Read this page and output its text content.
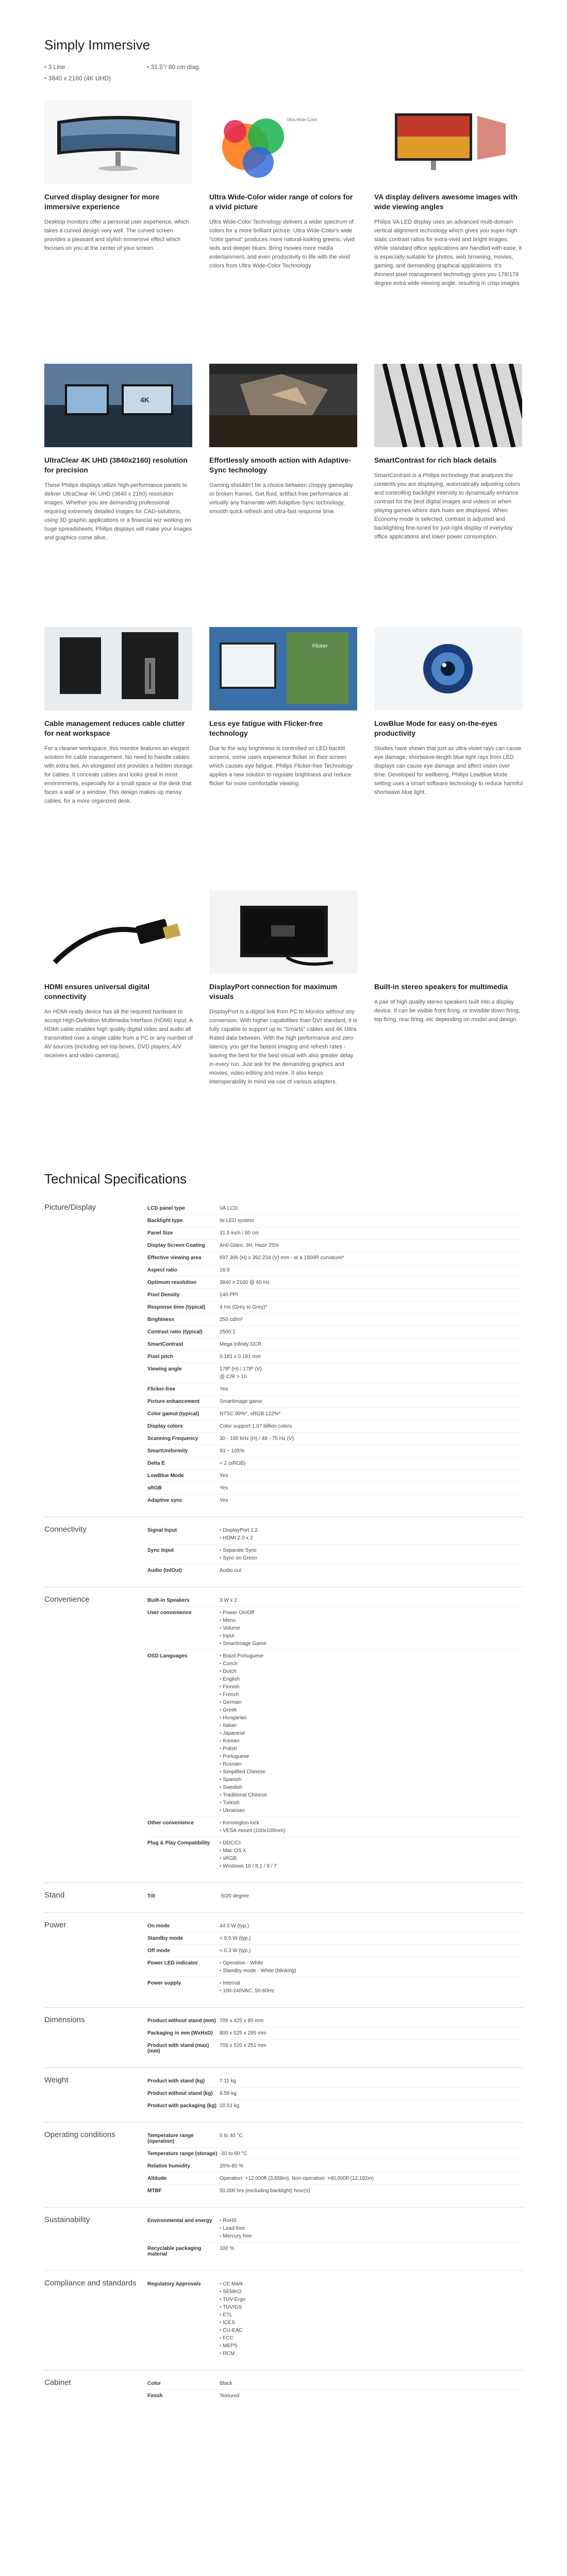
Simply Immersive
• 3 Line
• 3840 x 2160 (4K UHD)
• 31.5"/ 80 cm diag.
Curved display designer for more immersive experience

Desktop monitors offer a personal user experience, which takes a curved design very well. The curved screen provides a pleasant and stylish immersive effect which focuses on you at the center of your screen.

Ultra Wide-Color
Ultra Wide-Color wider range of colors for a vivid picture

Ultra Wide-Color Technology delivers a wider spectrum of colors for a more brilliant picture. Ultra Wide-Color's wide "color gamut" produces more natural-looking greens, vivid reds and deeper blues. Bring movies more media entertainment, and even productivity to life with the vivid colors from Ultra Wide-Color Technology.

VA display delivers awesome images with wide viewing angles

Philips VA LED display uses an advanced multi-domain vertical alignment technology which gives you super-high static contrast ratios for extra-vivid and bright images. While standard office applications are handled with ease, it is especially suitable for photos, web browsing, movies, gaming, and demanding graphical applications. It's thinnest pixel management technology gives you 178/178 degree extra wide viewing angle, resulting in crisp images.

4K
UltraClear 4K UHD (3840x2160) resolution for precision

These Philips displays utilize high-performance panels to deliver UltraClear 4K UHD (3840 x 2160) resolution images. Whether you are demanding professional requiring extremely detailed images for CAD-solutions, using 3D graphic applications or a financial wiz working on huge spreadsheets, Philips displays will make your images and graphics come alive.

Effortlessly smooth action with Adaptive-Sync technology

Gaming shouldn't be a choice between choppy gameplay or broken frames. Get fluid, artifact-free performance at virtually any framerate with Adaptive-Sync technology, smooth quick refresh and ultra-fast response time.

SmartContrast for rich black details

SmartContrast is a Philips technology that analyzes the contents you are displaying, automatically adjusting colors and controlling backlight intensity to dynamically enhance contrast for the best digital images and videos or when playing games where dark hues are displayed. When Economy mode is selected, contrast is adjusted and backlighting fine-tuned for just-right display of everyday office applications and lower power consumption.

Cable management reduces cable clutter for neat workspace

For a cleaner workspace, this monitor features an elegant solution for cable management. No need to handle cables with extra ties. An elongated slot provides a hidden storage for cables. It conceals cables and looks great in most environments, especially for a small space or the desk that faces a wall or a window. This design makes up messy cables, for a more organized desk.

Flicker
Less eye fatigue with Flicker-free technology

Due to the way brightness is controlled on LED-backlit screens, some users experience flicker on their screen which causes eye fatigue. Philips Flicker-free Technology applies a new solution to regulate brightness and reduce flicker for more comfortable viewing.

LowBlue Mode for easy on-the-eyes productivity

Studies have shown that just as ultra-violet rays can cause eye damage, shortwave-length blue light rays from LED displays can cause eye damage and affect vision over time. Developed for wellbeing, Philips LowBlue Mode setting uses a smart software technology to reduce harmful shortwave blue light.

HDMI ensures universal digital connectivity

An HDMI-ready device has all the required hardware to accept High-Definition Multimedia Interface (HDMI) input. A HDMI cable enables high quality digital video and audio all transmitted over a single cable from a PC or any number of AV sources (including set-top boxes, DVD players, A/V receivers and video cameras).

DisplayPort connection for maximum visuals

DisplayPort is a digital link from PC to Monitor without any conversion. With higher capabilities than DVI standard, it is fully capable to support up to "Smarts" cables and 4K Ultra Rated data between. With the high performance and zero latency, you get the fastest imaging and refresh rates - leaving the best for the best visual with also greater delay in every run. Just ask for the demanding graphics and movies, video-editing and more. It also keeps interoperability in mind via use of various adapters.

Built-in stereo speakers for multimedia

A pair of high quality stereo speakers built into a display device. It can be visible front firing, or invisible down firing, top firing, rear firing, etc depending on model and design.

Technical Specifications
Picture/Display	LCD panel type	VA LCD
Backlight type	W-LED system
Panel Size	31.5 inch / 80 cm
Display Screen Coating	Anti-Glare, 3H, Haze 25%
Effective viewing area	697.306 (H) x 392.234 (V) mm - at a 1500R curvature*
Aspect ratio	16:9
Optimum resolution	3840 x 2160 @ 60 Hz
Pixel Density	140 PPI
Response time (typical)	4 ms (Grey to Grey)*
Brightness	250 cd/m²
Contrast ratio (typical)	2500:1
SmartContrast	Mega Infinity DCR
Pixel pitch	0.181 x 0.181 mm
Viewing angle	178º (H) / 178º (V)
@ C/R > 10
Flicker-free	Yes
Picture enhancement	SmartImage game
Color gamut (typical)	NTSC 99%*, sRGB 122%*
Display colors	Color support 1.07 billion colors
Scanning Frequency	30 - 160 kHz (H) / 48 - 75 Hz (V)
SmartUniformity	93 ~ 105%
Delta E	< 2 (sRGB)
LowBlue Mode	Yes
sRGB	Yes
Adaptive sync	Yes
Connectivity	Signal Input	• DisplayPort 1.2
• HDMI 2.0 x 2
Sync Input	• Separate Sync
• Sync on Green
Audio (In/Out)	Audio out
Convenience	Built-in Speakers	3 W x 2
User convenience	• Power On/Off
• Menu
• Volume
• Input
• SmartImage Game
OSD Languages	• Brazil Portuguese
• Czech
• Dutch
• English
• Finnish
• French
• German
• Greek
• Hungarian
• Italian
• Japanese
• Korean
• Polish
• Portuguese
• Russian
• Simplified Chinese
• Spanish
• Swedish
• Traditional Chinese
• Turkish
• Ukrainian
Other convenience	• Kensington lock
• VESA mount (100x100mm)
Plug & Play Compatibility	• DDC/CI
• Mac OS X
• sRGB
• Windows 10 / 8.1 / 8 / 7
Stand	Tilt	-5/20 degree
Power	On mode	44.5 W (typ.)
Standby mode	< 0.5 W (typ.)
Off mode	< 0.3 W (typ.)
Power LED indicator	• Operation - White
• Standby mode - White (blinking)
Power supply	• Internal
• 100-240VAC, 50-60Hz
Dimensions	Product without stand (mm) 709 x 425 x 85 mm
Packaging in mm (WxHxD)	800 x 525 x 295 mm
Product with stand (max) (mm)
709 x 520 x 251 mm
Weight	Product with stand (kg)	7.11 kg
Product without stand (kg)	6.58 kg
Product with packaging (kg) 10.51 kg
Operating conditions	Temperature range (operation)
0 to 40 °C
Temperature range (storage) -20 to 60 °C
Relative humidity	20%-80 %
Altitude	Operation: +12,000ft (3,658m), Non-operation: +40,000ft (12,192m)
MTBF	50,000 hrs (excluding backlight) hour(s)
Sustainability	Environmental and energy	• RoHS
• Lead-free
• Mercury free
Recyclable packaging material
100 %
Compliance and standards	Regulatory Approvals	• CE Mark
• SEMKO
• TUV-Ergo
• TUV/GS
• ETL
• ICES
• CU-EAC
• FCC
• MEPS
• RCM
Cabinet	Color	Black
Finish	Textured
